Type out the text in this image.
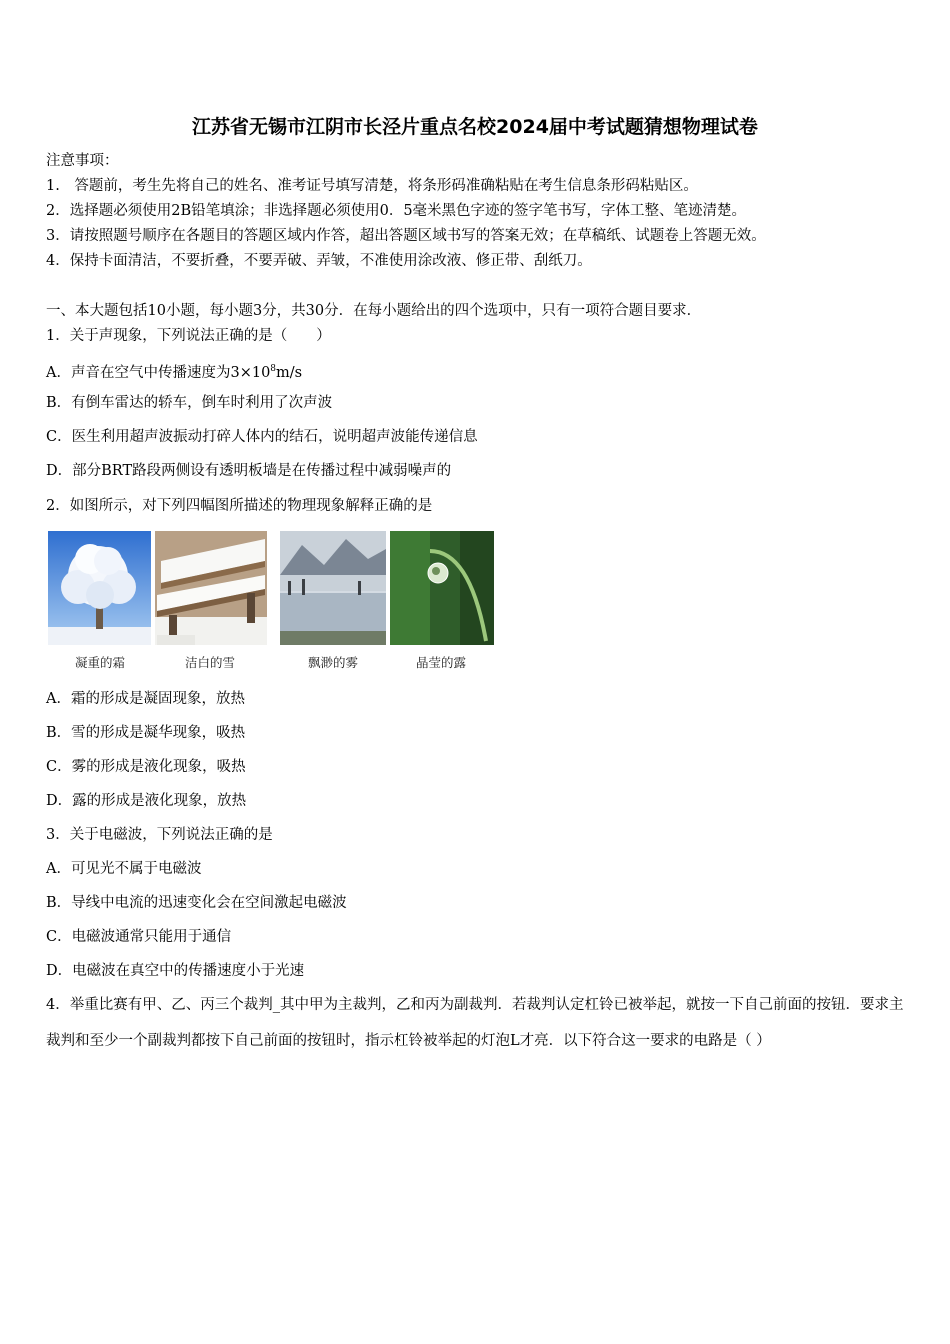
江苏省无锡市江阴市长泾片重点名校2024届中考试题猜想物理试卷
注意事项：
1.　答题前，考生先将自己的姓名、准考证号填写清楚，将条形码准确粘贴在考生信息条形码粘贴区。
2．选择题必须使用2B铅笔填涂；非选择题必须使用0．5毫米黑色字迹的签字笔书写，字体工整、笔迹清楚。
3．请按照题号顺序在各题目的答题区域内作答，超出答题区域书写的答案无效；在草稿纸、试题卷上答题无效。
4．保持卡面清洁，不要折叠，不要弄破、弄皱，不准使用涂改液、修正带、刮纸刀。
一、本大题包括10小题，每小题3分，共30分．在每小题给出的四个选项中，只有一项符合题目要求．
1．关于声现象，下列说法正确的是（　　）
A．声音在空气中传播速度为$3\times 10^8m/s$
B．有倒车雷达的轿车，倒车时利用了次声波
C．医生利用超声波振动打碎人体内的结石，说明超声波能传递信息
D．部分BRT路段两侧设有透明板墙是在传播过程中减弱噪声的
2．如图所示，对下列四幅图所描述的物理现象解释正确的是
凝重的霜	洁白的雪	飘渺的雾	晶莹的露
A．霜的形成是凝固现象，放热
B．雪的形成是凝华现象，吸热
C．雾的形成是液化现象，吸热
D．露的形成是液化现象，放热
3．关于电磁波，下列说法正确的是
A．可见光不属于电磁波
B．导线中电流的迅速变化会在空间激起电磁波
C．电磁波通常只能用于通信
D．电磁波在真空中的传播速度小于光速
4．举重比赛有甲、乙、丙三个裁判_其中甲为主裁判，乙和丙为副裁判．若裁判认定杠铃已被举起，就按一下自己前面的按钮．要求主裁判和至少一个副裁判都按下自己前面的按钮时，指示杠铃被举起的灯泡L才亮．以下符合这一要求的电路是（ ）
